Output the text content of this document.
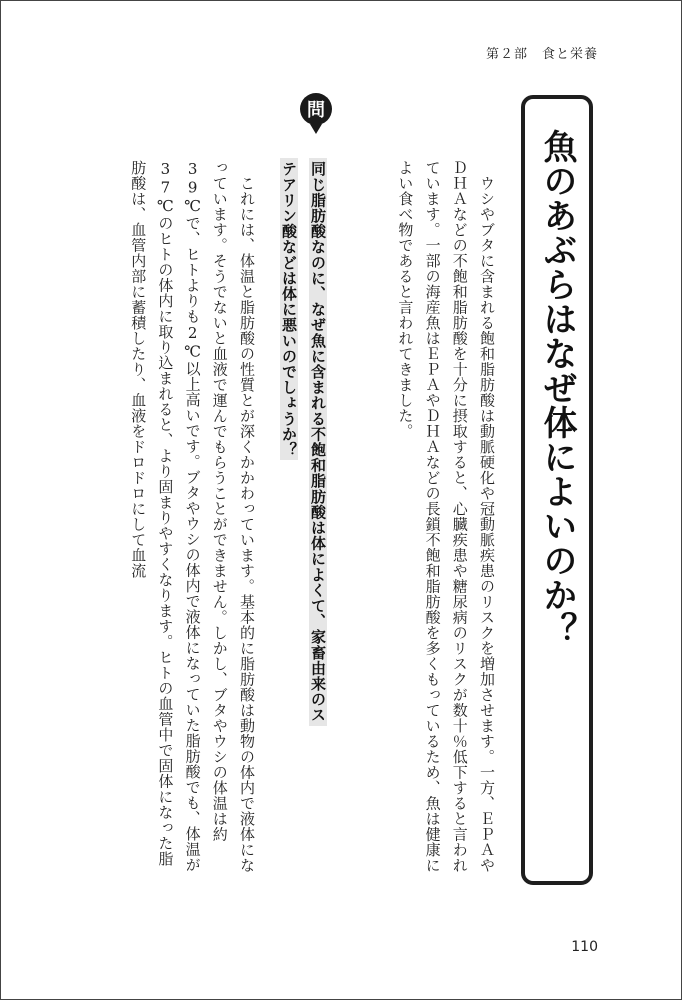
第２部　食と栄養
魚のあぶらはなぜ体によいのか？
　ウシやブタに含まれる飽和脂肪酸は動脈硬化や冠動脈疾患のリスクを増加させます。一方、ＥＰＡやＤＨＡなどの不飽和脂肪酸を十分に摂取すると、心臓疾患や糖尿病のリスクが数十％低下すると言われています。一部の海産魚はＥＰＡやＤＨＡなどの長鎖不飽和脂肪酸を多くもっているため、魚は健康によい食べ物であると言われてきました。
問
同じ脂肪酸なのに、なぜ魚に含まれる不飽和脂肪酸は体によくて、家畜由来のス
テアリン酸などは体に悪いのでしょうか？
　これには、体温と脂肪酸の性質とが深くかかわっています。基本的に脂肪酸は動物の体内で液体になっています。そうでないと血液で運んでもらうことができません。しかし、ブタやウシの体温は約39℃で、ヒトよりも2℃以上高いです。ブタやウシの体内で液体になっていた脂肪酸でも、体温が37℃のヒトの体内に取り込まれると、より固まりやすくなります。ヒトの血管中で固体になった脂肪酸は、血管内部に蓄積したり、血液をドロドロにして血流
110
